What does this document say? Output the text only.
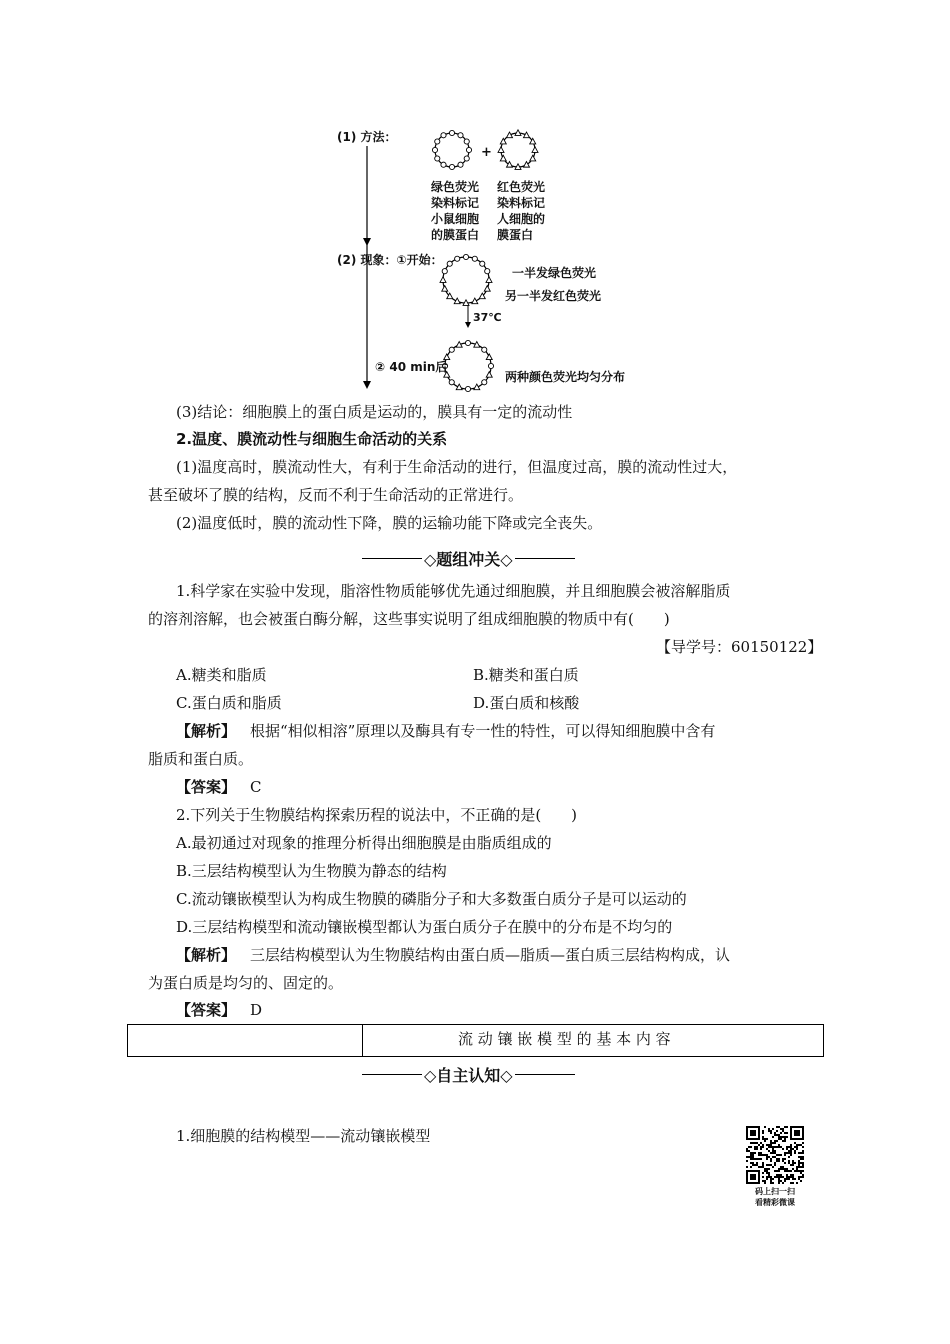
(1) 方法：
+
绿色荧光
染料标记
小鼠细胞
的膜蛋白
红色荧光
染料标记
人细胞的
膜蛋白
(2) 现象：①开始：
一半发绿色荧光
另一半发红色荧光
37℃
② 40 min后
两种颜色荧光均匀分布
(3)结论：细胞膜上的蛋白质是运动的，膜具有一定的流动性
2.温度、膜流动性与细胞生命活动的关系
(1)温度高时，膜流动性大，有利于生命活动的进行，但温度过高，膜的流动性过大，
甚至破坏了膜的结构，反而不利于生命活动的正常进行。
(2)温度低时，膜的流动性下降，膜的运输功能下降或完全丧失。
◇题组冲关◇
1.科学家在实验中发现，脂溶性物质能够优先通过细胞膜，并且细胞膜会被溶解脂质
的溶剂溶解，也会被蛋白酶分解，这些事实说明了组成细胞膜的物质中有(　　)
【导学号：60150122】
A.糖类和脂质	B.糖类和蛋白质
C.蛋白质和脂质	D.蛋白质和核酸
【解析】 根据“相似相溶”原理以及酶具有专一性的特性，可以得知细胞膜中含有
脂质和蛋白质。
【答案】 C
2.下列关于生物膜结构探索历程的说法中，不正确的是(　　)
A.最初通过对现象的推理分析得出细胞膜是由脂质组成的
B.三层结构模型认为生物膜为静态的结构
C.流动镶嵌模型认为构成生物膜的磷脂分子和大多数蛋白质分子是可以运动的
D.三层结构模型和流动镶嵌模型都认为蛋白质分子在膜中的分布是不均匀的
【解析】 三层结构模型认为生物膜结构由蛋白质—脂质—蛋白质三层结构构成，认
为蛋白质是均匀的、固定的。
【答案】 D
流 动 镶 嵌 模 型 的 基 本 内 容
◇自主认知◇
1.细胞膜的结构模型——流动镶嵌模型
码上扫一扫
看精彩微课
